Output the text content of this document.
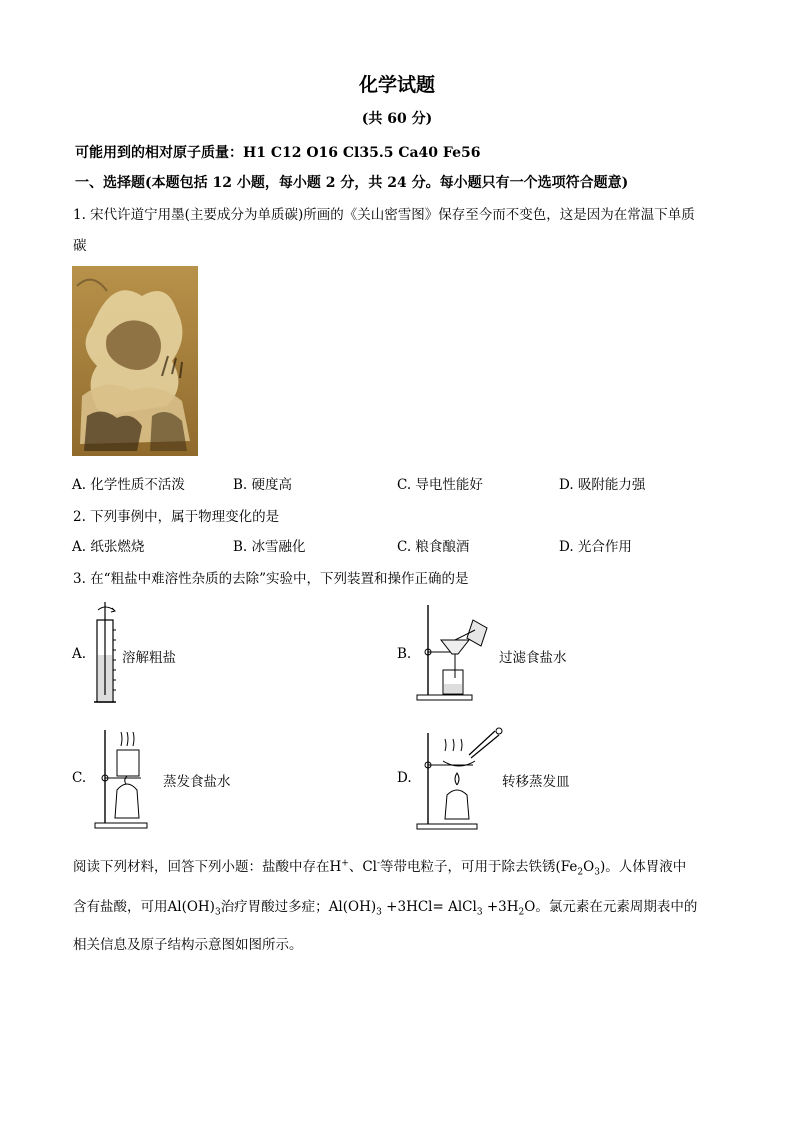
化学试题
(共 60 分)
可能用到的相对原子质量：H1 C12 O16 Cl35.5 Ca40 Fe56
一、选择题(本题包括 12 小题，每小题 2 分，共 24 分。每小题只有一个选项符合题意)
1. 宋代许道宁用墨(主要成分为单质碳)所画的《关山密雪图》保存至今而不变色，这是因为在常温下单质
碳
A. 化学性质不活泼	B. 硬度高	C. 导电性能好	D. 吸附能力强
2. 下列事例中，属于物理变化的是
A. 纸张燃烧	B. 冰雪融化	C. 粮食酿酒	D. 光合作用
3. 在“粗盐中难溶性杂质的去除”实验中，下列装置和操作正确的是
A.	溶解粗盐	B.	过滤食盐水
C.	蒸发食盐水	D.	转移蒸发皿
阅读下列材料，回答下列小题：盐酸中存在H+、Cl-等带电粒子，可用于除去铁锈$(Fe_2O_3)$。人体胃液中
含有盐酸，可用$Al(OH)_3$治疗胃酸过多症；$Al(OH)_3 +3HCl=$ AlCl$_3$ $+3H_2O$。氯元素在元素周期表中的
相关信息及原子结构示意图如图所示。
